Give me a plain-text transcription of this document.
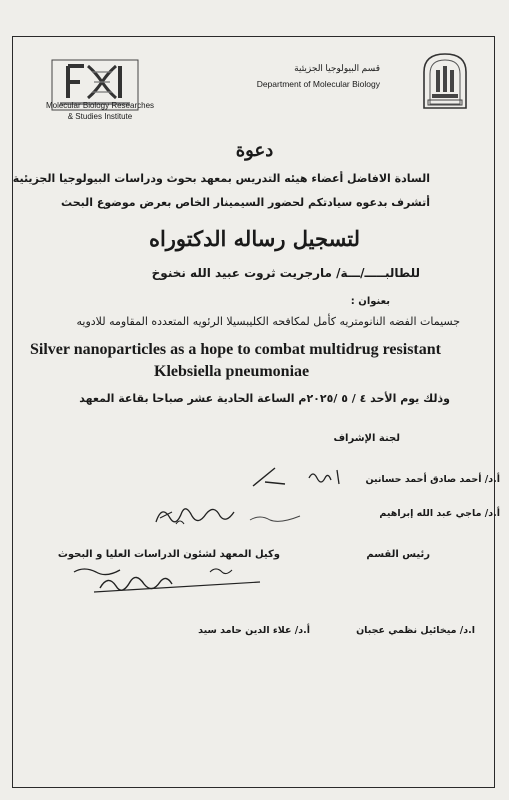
Molecular Biology Researches
& Studies Institute
قسم البيولوجيا الجزيئية
Department of Molecular Biology
دعوة
السادة الافاضل أعضاء هيئه التدريس بمعهد بحوث ودراسات البيولوجيا الجزيئية
أتشرف بدعوه سيادتكم لحضور السيمينار الخاص بعرض موضوع البحث
لتسجيل رساله الدكتوراه
للطالبـــــ/ـــة/ مارجريت ثروت عبيد الله نخنوخ
بعنوان :
جسيمات الفضه النانومتريه كأمل لمكافحه الكليبسيلا الرئويه المتعدده المقاومه للادويه
Silver nanoparticles as a hope to combat multidrug resistant
Klebsiella pneumoniae
وذلك يوم الأحد ٤ / ٥ /٢٠٢٥م الساعة الحادية عشر صباحا بقاعة المعهد
لجنة الإشراف
أ.د/ أحمد صادق أحمد حسانين
أ.د/ ماجي عبد الله إبراهيم
رئيس القسم
وكيل المعهد لشئون الدراسات العليا و البحوث
ا.د/ ميخائيل نظمي عجبان
أ.د/ علاء الدين حامد سيد
